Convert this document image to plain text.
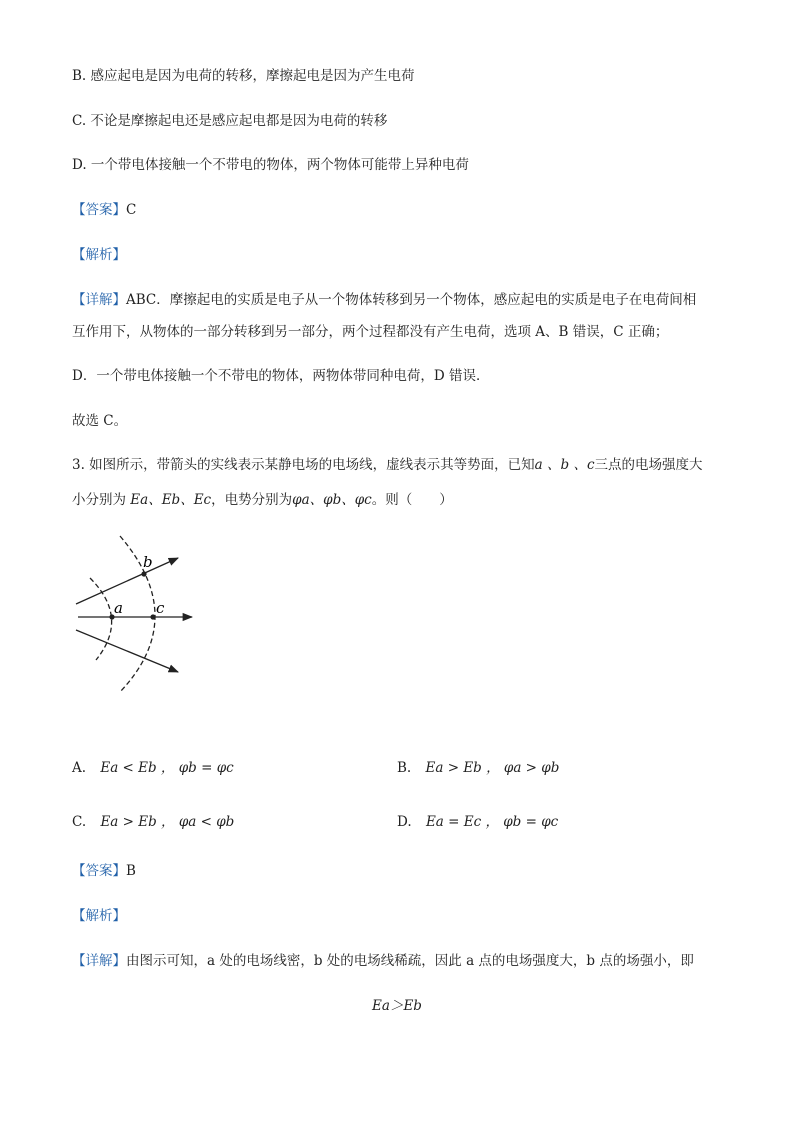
B. 感应起电是因为电荷的转移，摩擦起电是因为产生电荷
C. 不论是摩擦起电还是感应起电都是因为电荷的转移
D. 一个带电体接触一个不带电的物体，两个物体可能带上异种电荷
【答案】C
【解析】
【详解】ABC．摩擦起电的实质是电子从一个物体转移到另一个物体，感应起电的实质是电子在电荷间相
互作用下，从物体的一部分转移到另一部分，两个过程都没有产生电荷，选项 A、B 错误，C 正确；
D．一个带电体接触一个不带电的物体，两物体带同种电荷，D 错误．
故选 C。
3. 如图所示，带箭头的实线表示某静电场的电场线，虚线表示其等势面，已知a 、b 、c三点的电场强度大
小分别为 Ea、Eb、Ec，电势分别为φa、φb、φc。则（　　）
a c
b
A. Ea < Eb ， φb = φc	B. Ea > Eb ， φa > φb
C. Ea > Eb ， φa < φb	D. Ea = Ec ， φb = φc
【答案】B
【解析】
【详解】由图示可知，a 处的电场线密，b 处的电场线稀疏，因此 a 点的电场强度大，b 点的场强小，即
Ea＞Eb
